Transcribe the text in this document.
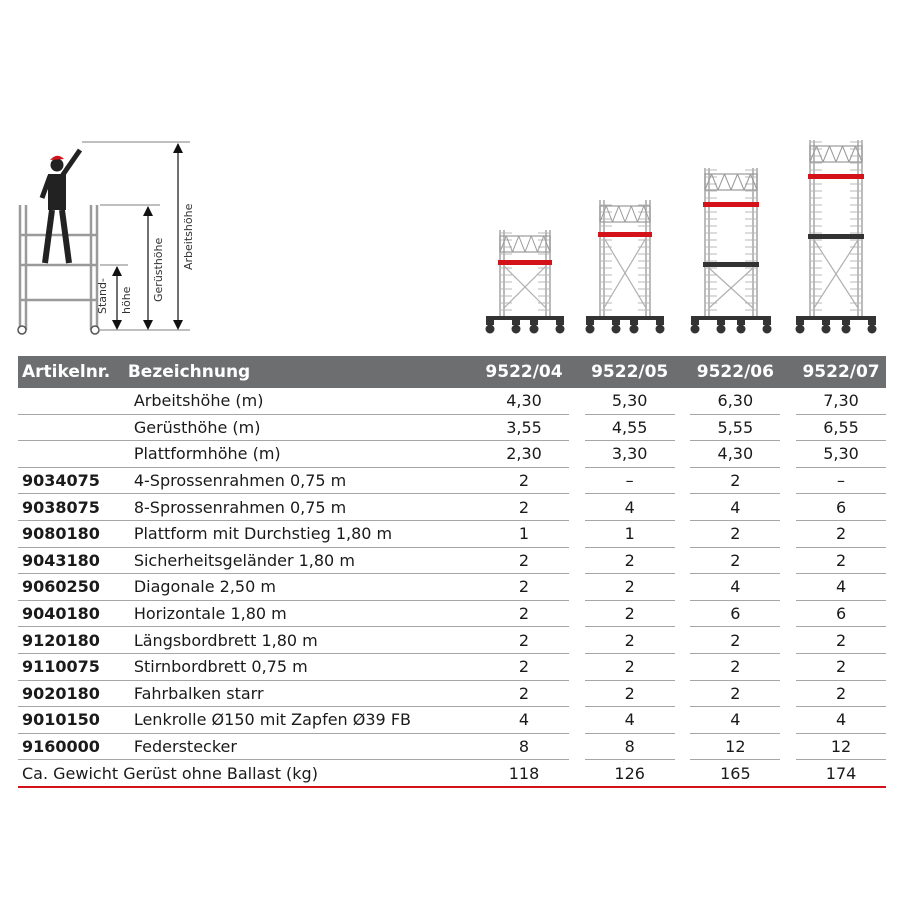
Stand- höhe Gerüsthöhe Arbeitshöhe
Artikelnr.	Bezeichnung	9522/04		9522/05		9522/06		9522/07
	Arbeitshöhe (m)	4,30		5,30		6,30		7,30
	Gerüsthöhe (m)	3,55		4,55		5,55		6,55
	Plattformhöhe (m)	2,30		3,30		4,30		5,30
9034075	4-Sprossenrahmen 0,75 m	2		–		2		–
9038075	8-Sprossenrahmen 0,75 m	2		4		4		6
9080180	Plattform mit Durchstieg 1,80 m	1		1		2		2
9043180	Sicherheitsgeländer 1,80 m	2		2		2		2
9060250	Diagonale 2,50 m	2		2		4		4
9040180	Horizontale 1,80 m	2		2		6		6
9120180	Längsbordbrett 1,80 m	2		2		2		2
9110075	Stirnbordbrett 0,75 m	2		2		2		2
9020180	Fahrbalken starr	2		2		2		2
9010150	Lenkrolle Ø150 mit Zapfen Ø39 FB	4		4		4		4
9160000	Federstecker	8		8		12		12
Ca. Gewicht Gerüst ohne Ballast (kg)		118		126		165		174
